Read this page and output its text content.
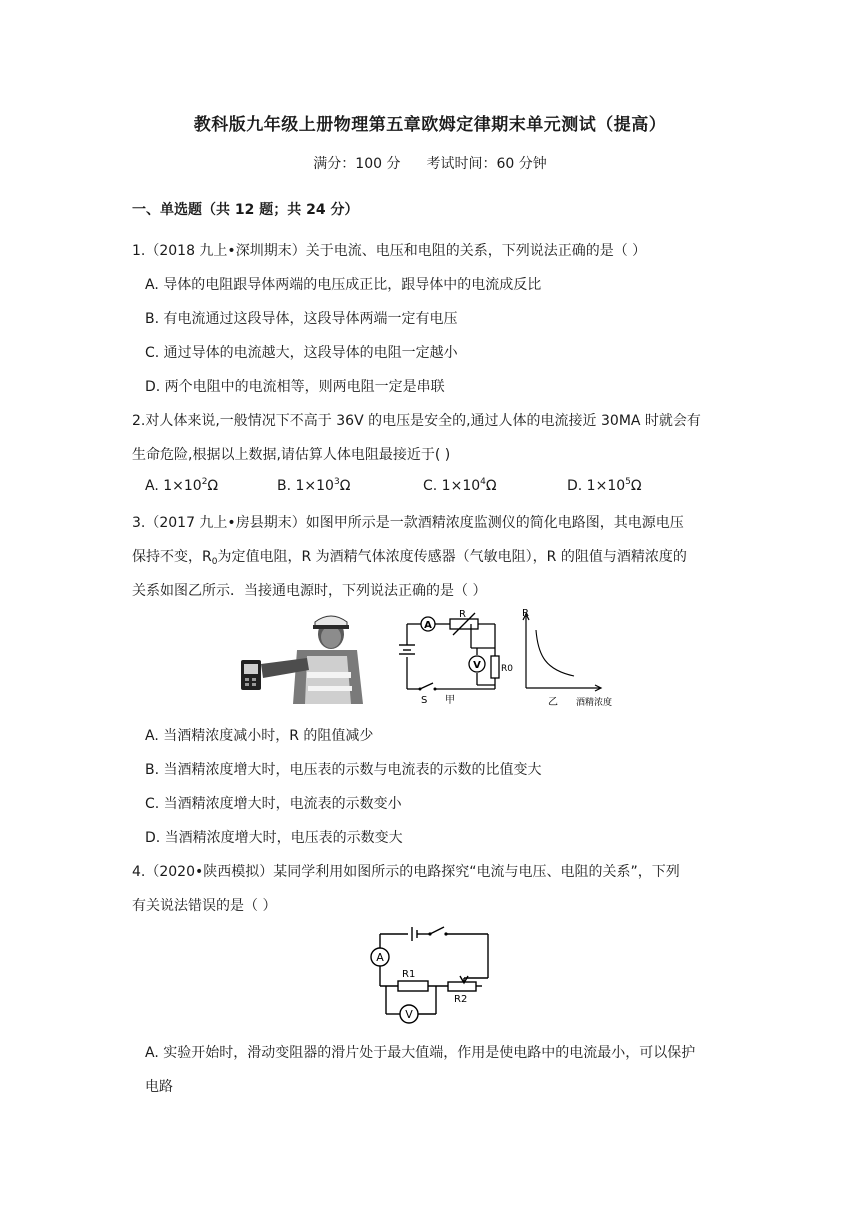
教科版九年级上册物理第五章欧姆定律期末单元测试（提高）
满分：100 分 考试时间：60 分钟
一、单选题（共 12 题；共 24 分）
1.（2018 九上•深圳期末）关于电流、电压和电阻的关系，下列说法正确的是（ ）
A. 导体的电阻跟导体两端的电压成正比，跟导体中的电流成反比
B. 有电流通过这段导体，这段导体两端一定有电压
C. 通过导体的电流越大，这段导体的电阻一定越小
D. 两个电阻中的电流相等，则两电阻一定是串联
2.对人体来说,一般情况下不高于 36V 的电压是安全的,通过人体的电流接近 30MA 时就会有
生命危险,根据以上数据,请估算人体电阻最接近于( )
A. $1\times 10^2\Omega$	B. $1\times 10^3\Omega$	C. $1\times 10^4\Omega$	D. $1\times 10^5\Omega$
3.（2017 九上•房县期末）如图甲所示是一款酒精浓度监测仪的简化电路图，其电源电压
保持不变，$R_0$为定值电阻，R 为酒精气体浓度传感器（气敏电阻），R 的阻值与酒精浓度的
关系如图乙所示．当接通电源时，下列说法正确的是（ ）
A
V
R
R0
S 甲
R
乙 酒精浓度
A. 当酒精浓度减小时，R 的阻值减少
B. 当酒精浓度增大时，电压表的示数与电流表的示数的比值变大
C. 当酒精浓度增大时，电流表的示数变小
D. 当酒精浓度增大时，电压表的示数变大
4.（2020•陕西模拟）某同学利用如图所示的电路探究“电流与电压、电阻的关系”，下列
有关说法错误的是（ ）
A
V
R1
R2
A. 实验开始时，滑动变阻器的滑片处于最大值端，作用是使电路中的电流最小，可以保护
电路
